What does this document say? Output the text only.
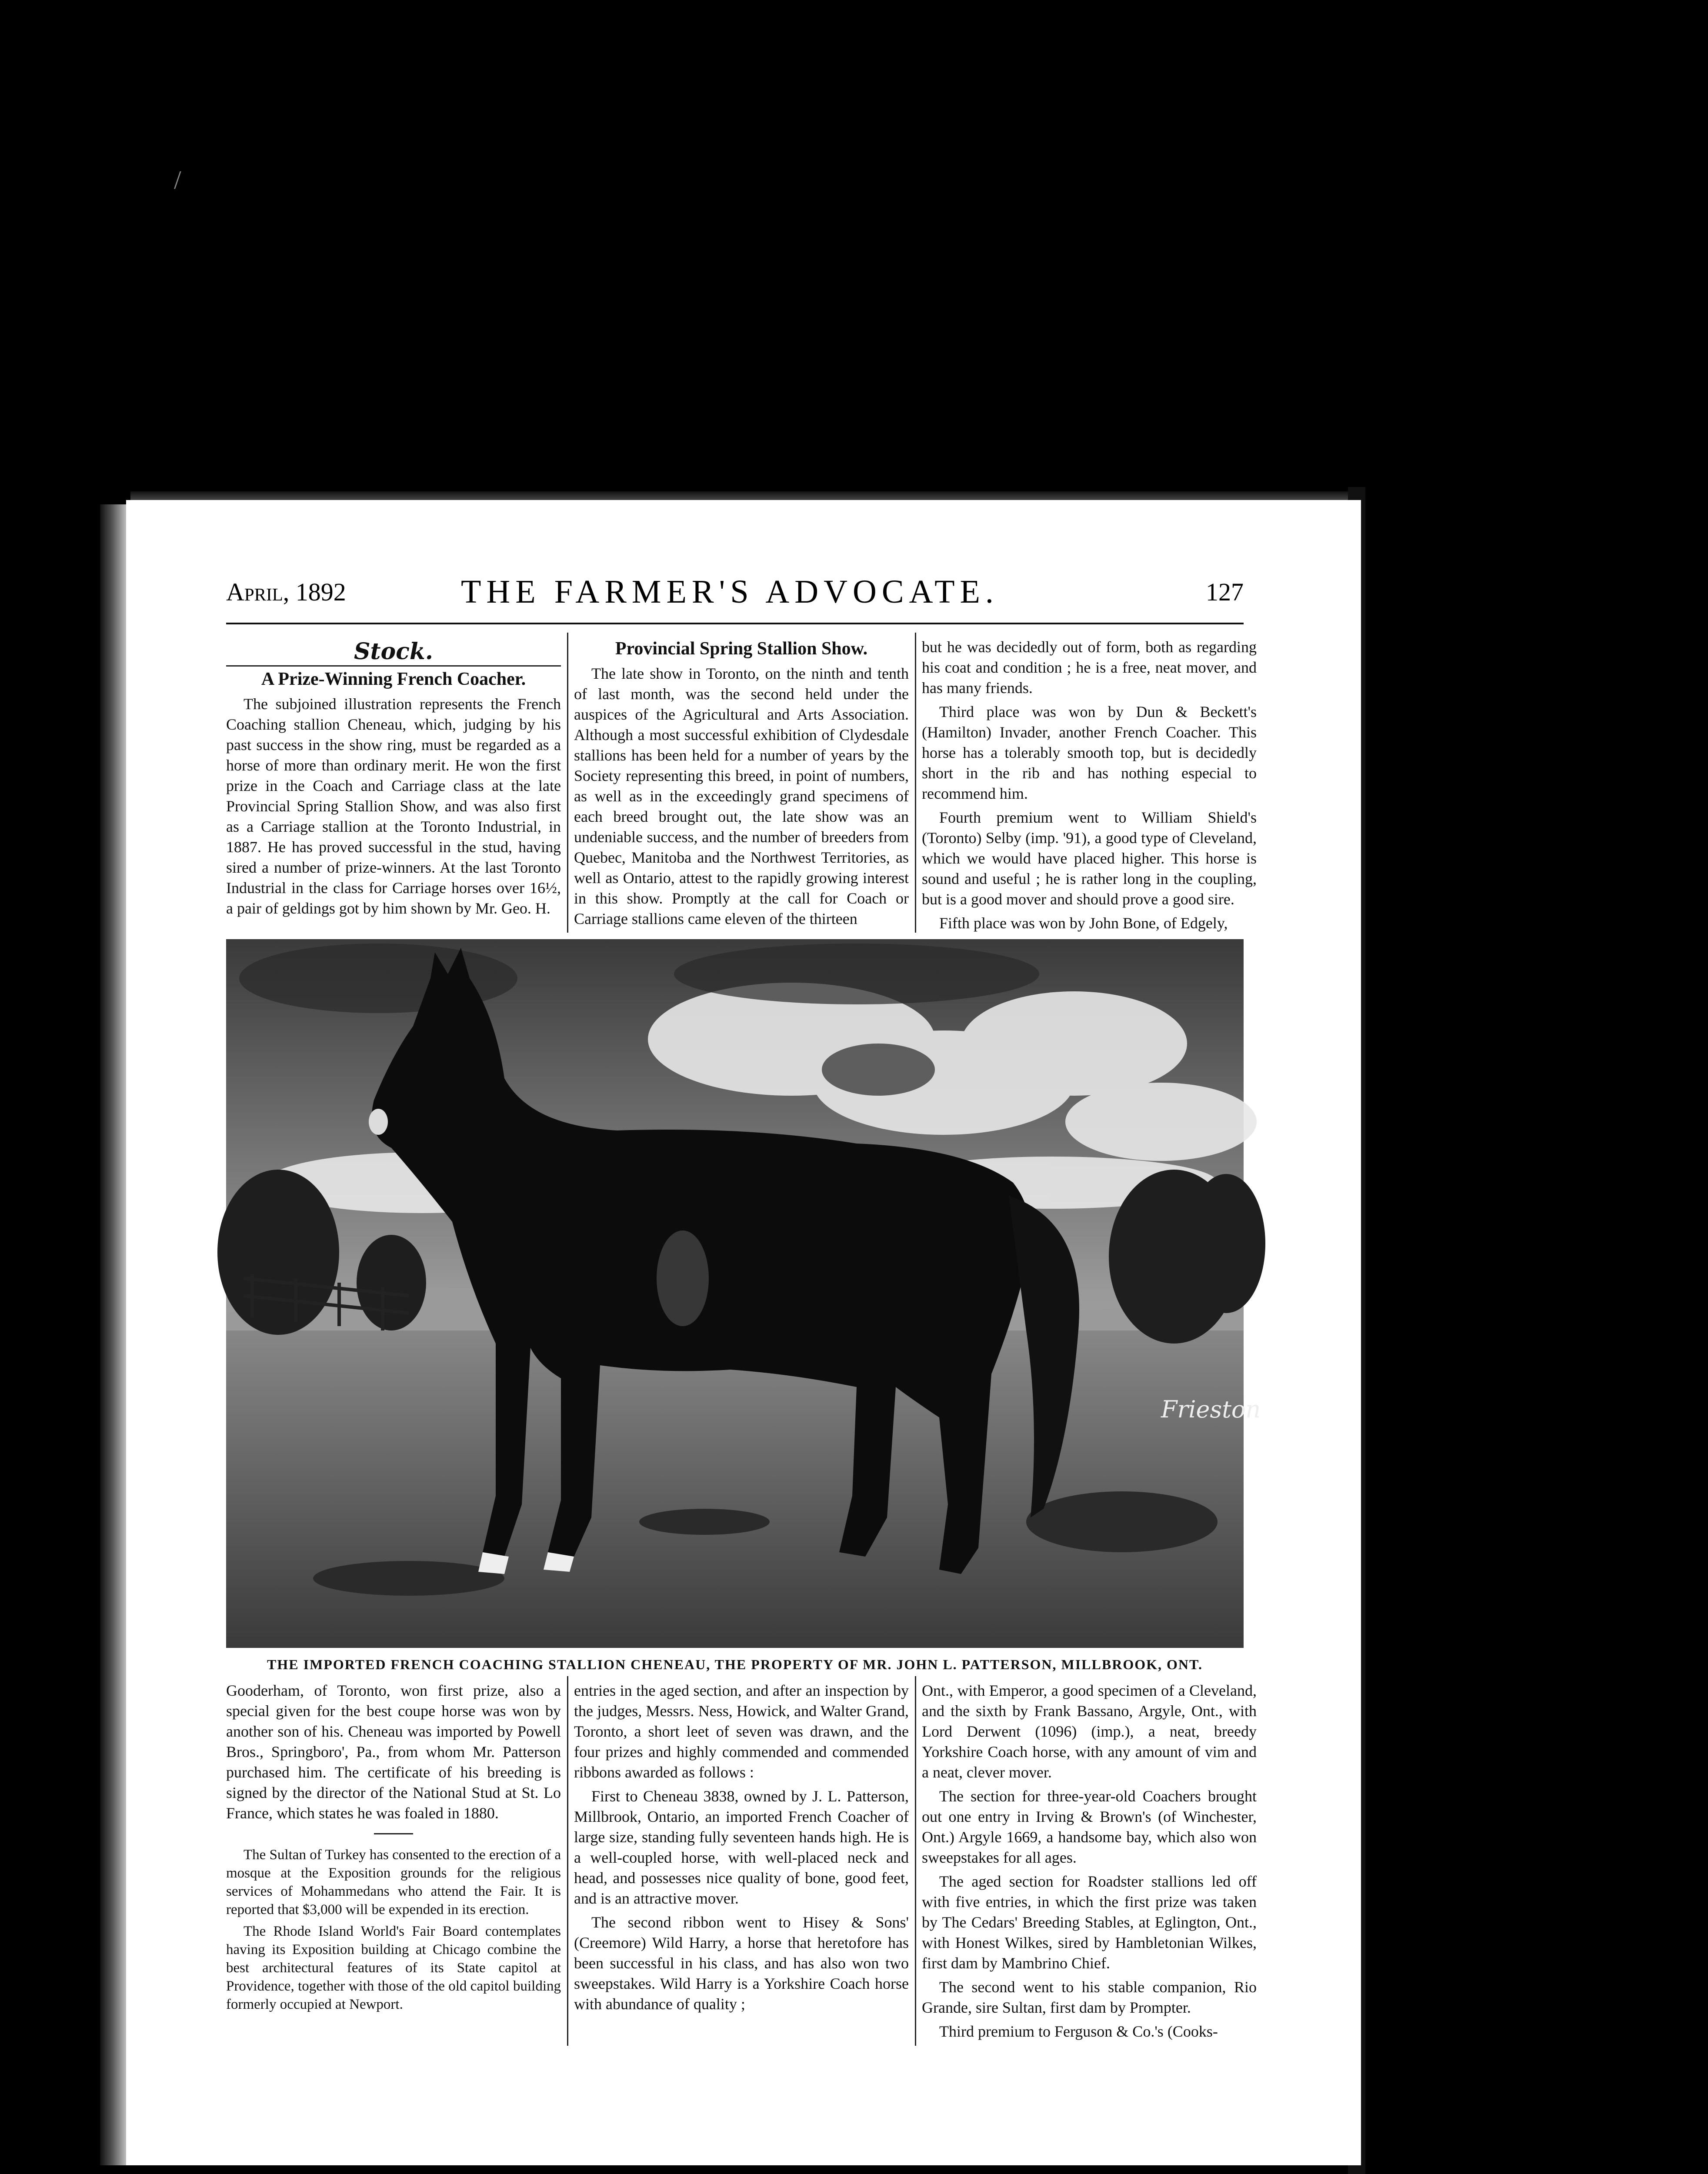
/
April, 1892	THE FARMER'S ADVOCATE.	127
Stock.
A Prize-Winning French Coacher.

The subjoined illustration represents the French Coaching stallion Cheneau, which, judging by his past success in the show ring, must be regarded as a horse of more than ordinary merit. He won the first prize in the Coach and Carriage class at the late Provincial Spring Stallion Show, and was also first as a Carriage stallion at the Toronto Industrial, in 1887. He has proved successful in the stud, having sired a number of prize-winners. At the last Toronto Industrial in the class for Carriage horses over 16½, a pair of geldings got by him shown by Mr. Geo. H.

Provincial Spring Stallion Show.

The late show in Toronto, on the ninth and tenth of last month, was the second held under the auspices of the Agricultural and Arts Association. Although a most successful exhibition of Clydesdale stallions has been held for a number of years by the Society representing this breed, in point of numbers, as well as in the exceedingly grand specimens of each breed brought out, the late show was an undeniable success, and the number of breeders from Quebec, Manitoba and the Northwest Territories, as well as Ontario, attest to the rapidly growing interest in this show. Promptly at the call for Coach or Carriage stallions came eleven of the thirteen

but he was decidedly out of form, both as regarding his coat and condition ; he is a free, neat mover, and has many friends.

Third place was won by Dun & Beckett's (Hamilton) Invader, another French Coacher. This horse has a tolerably smooth top, but is decidedly short in the rib and has nothing especial to recommend him.

Fourth premium went to William Shield's (Toronto) Selby (imp. '91), a good type of Cleveland, which we would have placed higher. This horse is sound and useful ; he is rather long in the coupling, but is a good mover and should prove a good sire.

Fifth place was won by John Bone, of Edgely,

Frieston
THE IMPORTED FRENCH COACHING STALLION CHENEAU, THE PROPERTY OF MR. JOHN L. PATTERSON, MILLBROOK, ONT.

Gooderham, of Toronto, won first prize, also a special given for the best coupe horse was won by another son of his. Cheneau was imported by Powell Bros., Springboro', Pa., from whom Mr. Patterson purchased him. The certificate of his breeding is signed by the director of the National Stud at St. Lo France, which states he was foaled in 1880.

The Sultan of Turkey has consented to the erection of a mosque at the Exposition grounds for the religious services of Mohammedans who attend the Fair. It is reported that $3,000 will be expended in its erection.

The Rhode Island World's Fair Board contemplates having its Exposition building at Chicago combine the best architectural features of its State capitol at Providence, together with those of the old capitol building formerly occupied at Newport.

entries in the aged section, and after an inspection by the judges, Messrs. Ness, Howick, and Walter Grand, Toronto, a short leet of seven was drawn, and the four prizes and highly commended and commended ribbons awarded as follows :

First to Cheneau 3838, owned by J. L. Patterson, Millbrook, Ontario, an imported French Coacher of large size, standing fully seventeen hands high. He is a well-coupled horse, with well-placed neck and head, and possesses nice quality of bone, good feet, and is an attractive mover.

The second ribbon went to Hisey & Sons' (Creemore) Wild Harry, a horse that heretofore has been successful in his class, and has also won two sweepstakes. Wild Harry is a Yorkshire Coach horse with abundance of quality ;

Ont., with Emperor, a good specimen of a Cleveland, and the sixth by Frank Bassano, Argyle, Ont., with Lord Derwent (1096) (imp.), a neat, breedy Yorkshire Coach horse, with any amount of vim and a neat, clever mover.

The section for three-year-old Coachers brought out one entry in Irving & Brown's (of Winchester, Ont.) Argyle 1669, a handsome bay, which also won sweepstakes for all ages.

The aged section for Roadster stallions led off with five entries, in which the first prize was taken by The Cedars' Breeding Stables, at Eglington, Ont., with Honest Wilkes, sired by Hambletonian Wilkes, first dam by Mambrino Chief.

The second went to his stable companion, Rio Grande, sire Sultan, first dam by Prompter.

Third premium to Ferguson & Co.'s (Cooks-
